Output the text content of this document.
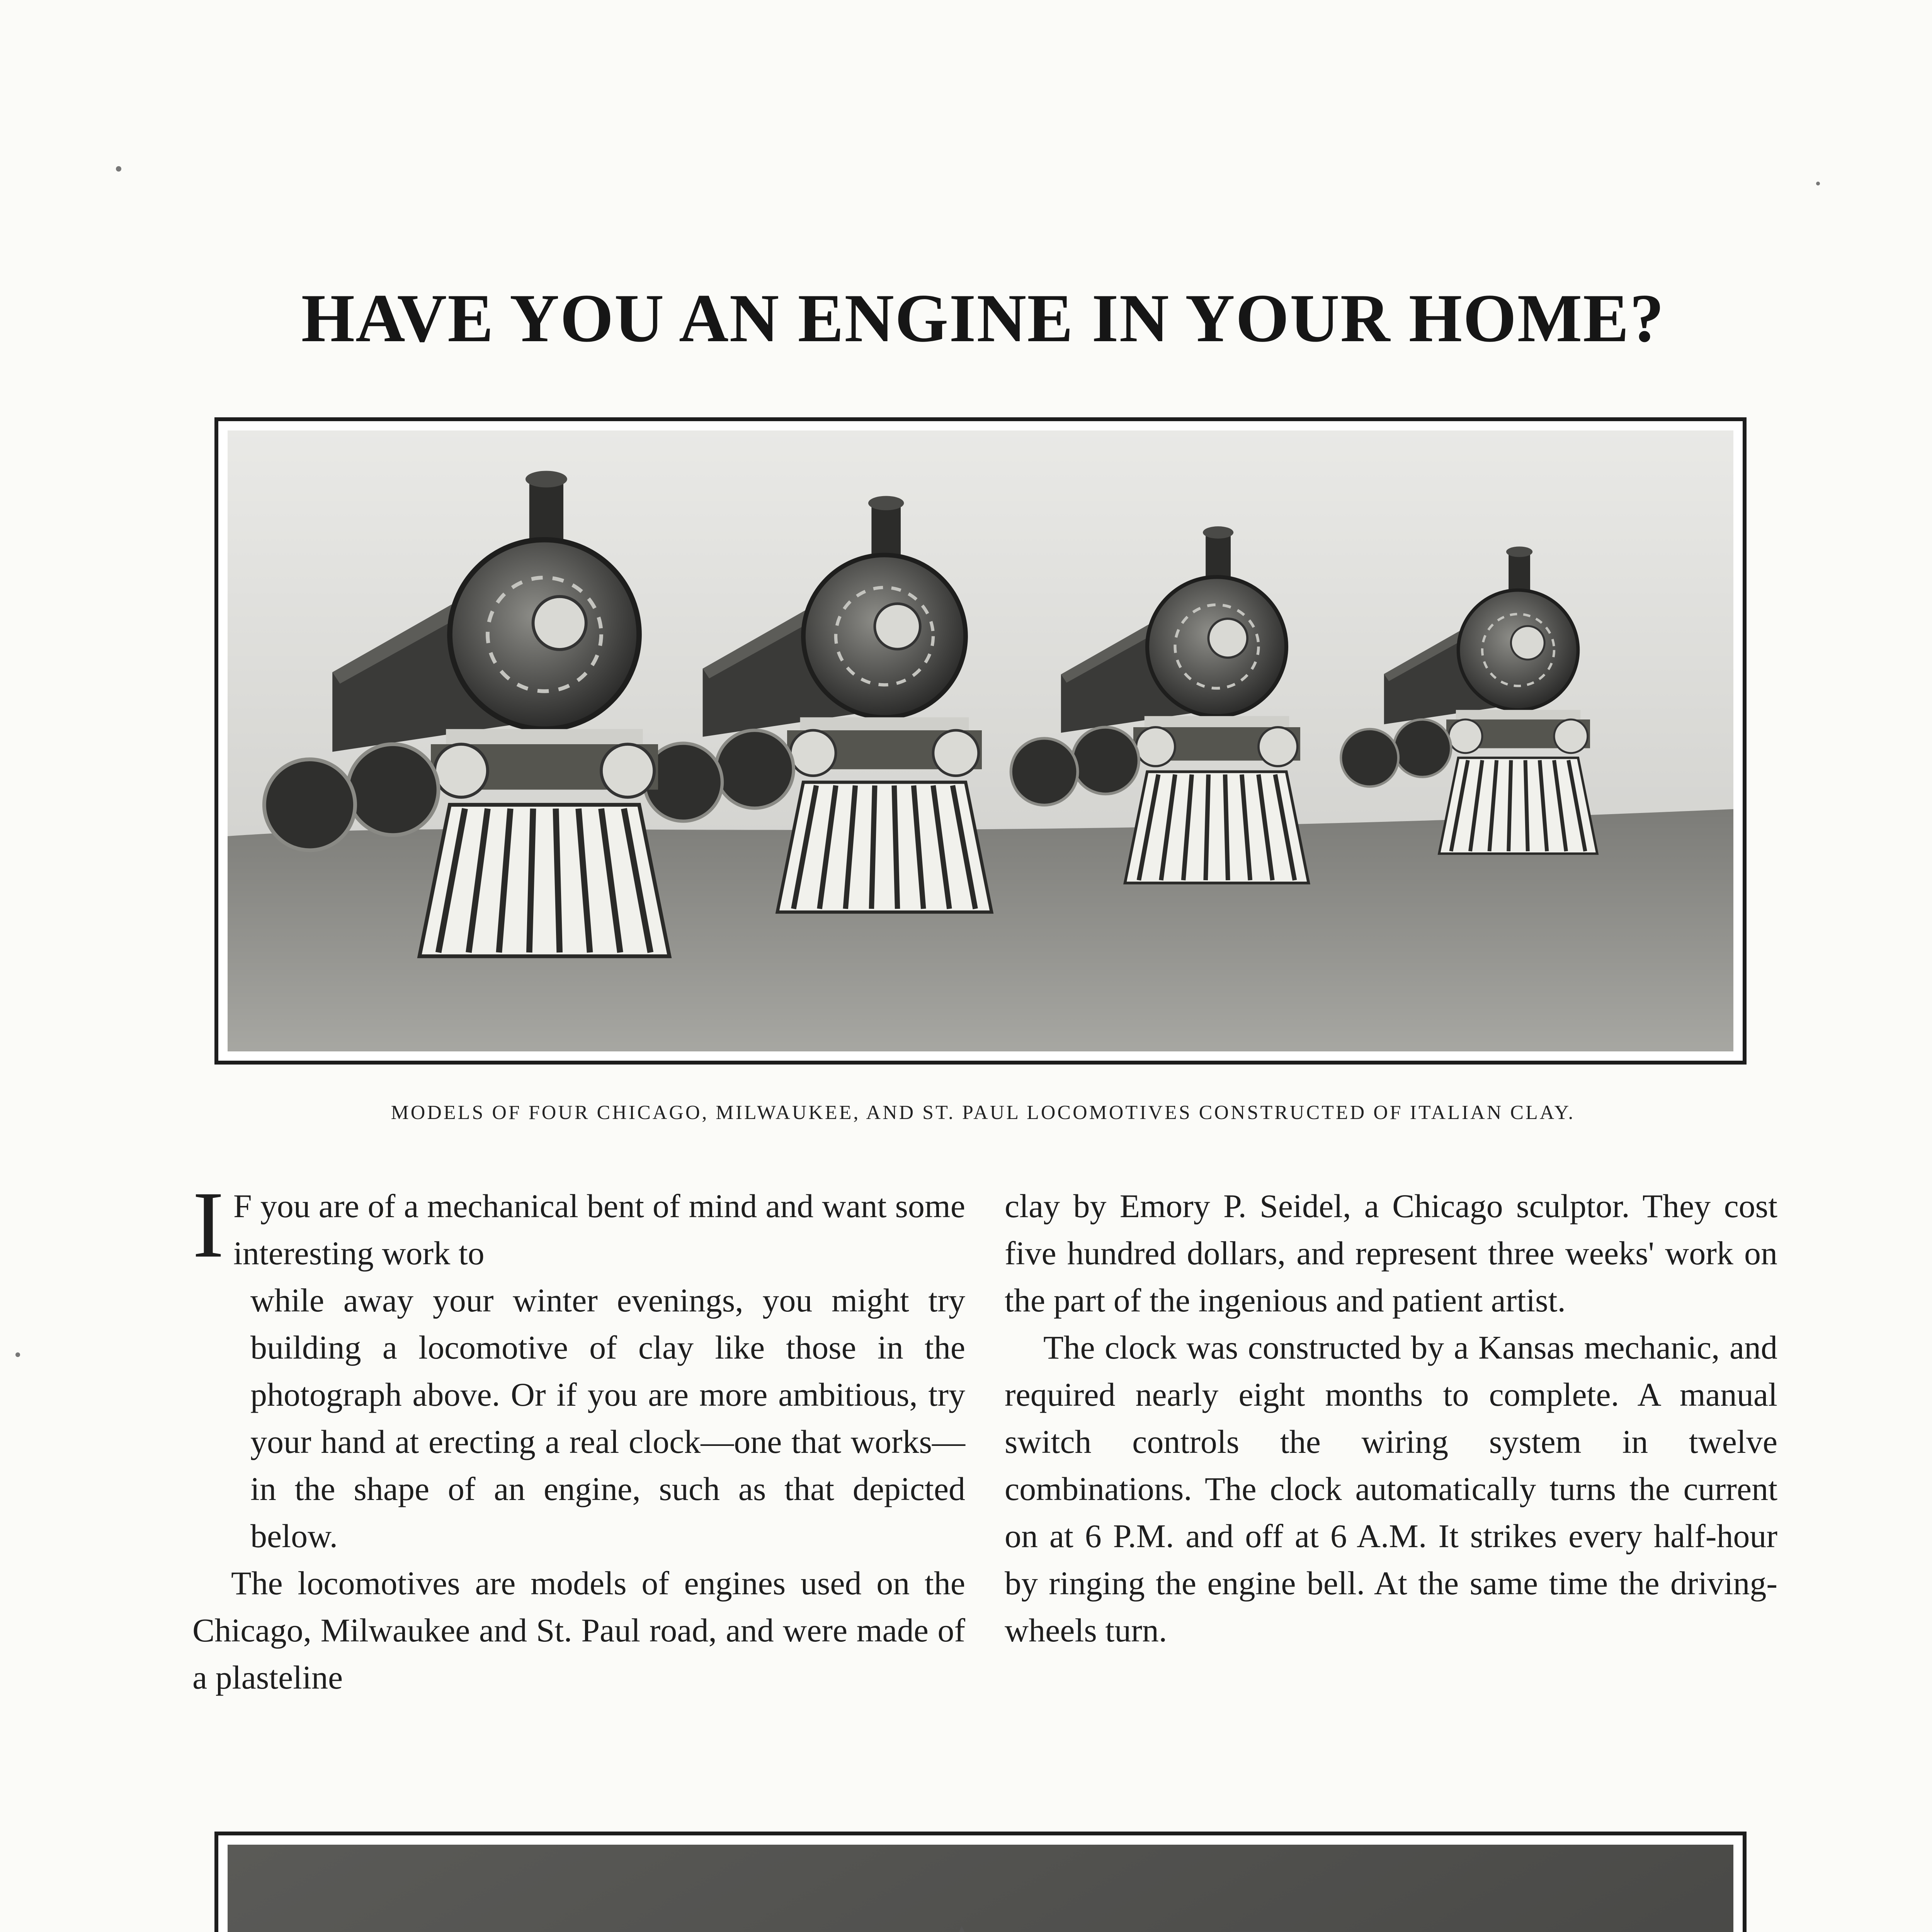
HAVE YOU AN ENGINE IN YOUR HOME?
MODELS OF FOUR CHICAGO, MILWAUKEE, AND ST. PAUL LOCOMOTIVES CONSTRUCTED OF ITALIAN CLAY.

I F you are of a mechanical bent of mind and want some interesting work to
while away your winter evenings, you might try building a locomotive of clay like those in the photograph above. Or if you are more ambitious, try your hand at erecting a real clock—one that works—in the shape of an engine, such as that depicted below.

The locomotives are models of engines used on the Chicago, Milwaukee and St. Paul road, and were made of a plasteline

clay by Emory P. Seidel, a Chicago sculptor. They cost five hundred dollars, and represent three weeks' work on the part of the ingenious and patient artist.

The clock was constructed by a Kansas mechanic, and required nearly eight months to complete. A manual switch controls the wiring system in twelve combinations. The clock automatically turns the current on at 6 P.M. and off at 6 A.M. It strikes every half-hour by ringing the engine bell. At the same time the driving-wheels turn.
